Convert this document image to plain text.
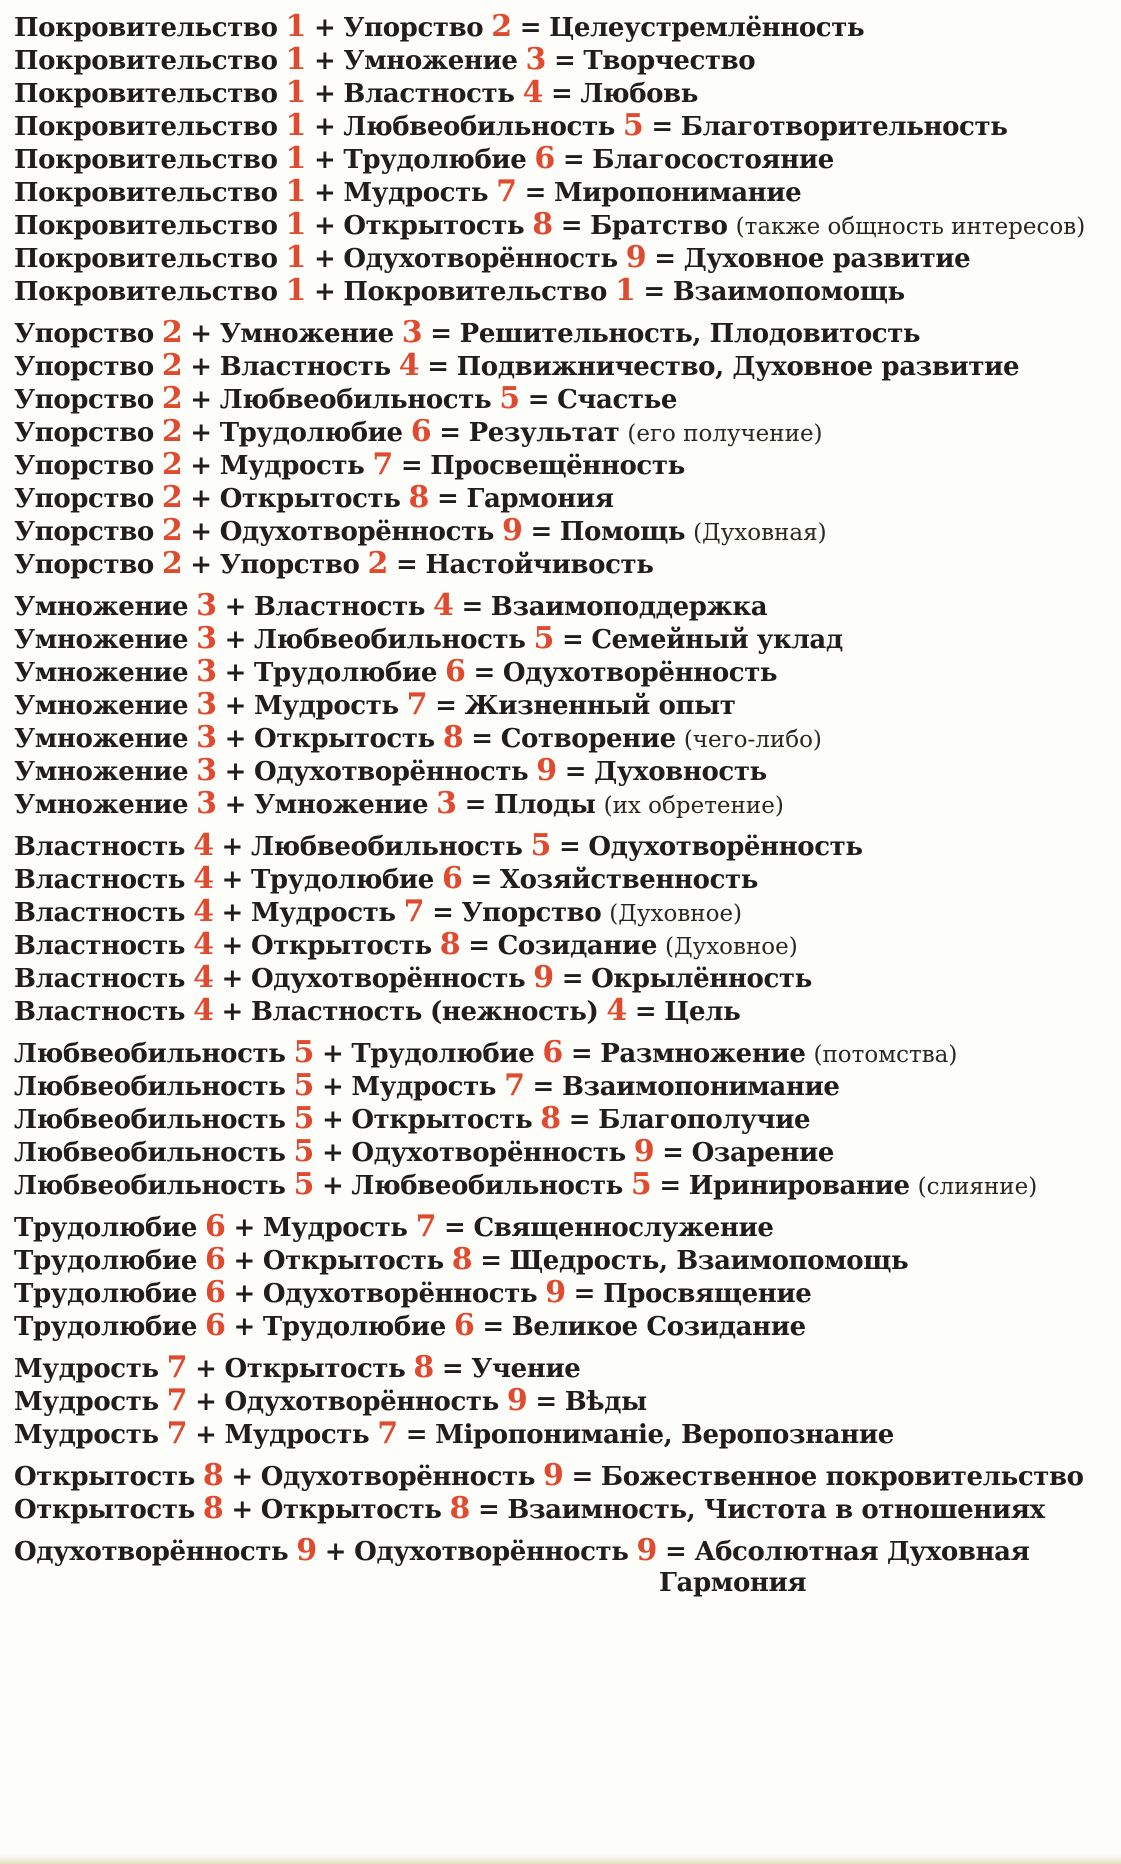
Покровительство 1 + Упорство 2 = Целеустремлённость
Покровительство 1 + Умножение 3 = Творчество
Покровительство 1 + Властность 4 = Любовь
Покровительство 1 + Любвеобильность 5 = Благотворительность
Покровительство 1 + Трудолюбие 6 = Благосостояние
Покровительство 1 + Мудрость 7 = Миропонимание
Покровительство 1 + Открытость 8 = Братство (также общность интересов)
Покровительство 1 + Одухотворённость 9 = Духовное развитие
Покровительство 1 + Покровительство 1 = Взаимопомощь
Упорство 2 + Умножение 3 = Решительность, Плодовитость
Упорство 2 + Властность 4 = Подвижничество, Духовное развитие
Упорство 2 + Любвеобильность 5 = Счастье
Упорство 2 + Трудолюбие 6 = Результат (его получение)
Упорство 2 + Мудрость 7 = Просвещённость
Упорство 2 + Открытость 8 = Гармония
Упорство 2 + Одухотворённость 9 = Помощь (Духовная)
Упорство 2 + Упорство 2 = Настойчивость
Умножение 3 + Властность 4 = Взаимоподдержка
Умножение 3 + Любвеобильность 5 = Семейный уклад
Умножение 3 + Трудолюбие 6 = Одухотворённость
Умножение 3 + Мудрость 7 = Жизненный опыт
Умножение 3 + Открытость 8 = Сотворение (чего-либо)
Умножение 3 + Одухотворённость 9 = Духовность
Умножение 3 + Умножение 3 = Плоды (их обретение)
Властность 4 + Любвеобильность 5 = Одухотворённость
Властность 4 + Трудолюбие 6 = Хозяйственность
Властность 4 + Мудрость 7 = Упорство (Духовное)
Властность 4 + Открытость 8 = Созидание (Духовное)
Властность 4 + Одухотворённость 9 = Окрылённость
Властность 4 + Властность (нежность) 4 = Цель
Любвеобильность 5 + Трудолюбие 6 = Размножение (потомства)
Любвеобильность 5 + Мудрость 7 = Взаимопонимание
Любвеобильность 5 + Открытость 8 = Благополучие
Любвеобильность 5 + Одухотворённость 9 = Озарение
Любвеобильность 5 + Любвеобильность 5 = Иринирование (слияние)
Трудолюбие 6 + Мудрость 7 = Священнослужение
Трудолюбие 6 + Открытость 8 = Щедрость, Взаимопомощь
Трудолюбие 6 + Одухотворённость 9 = Просвящение
Трудолюбие 6 + Трудолюбие 6 = Великое Созидание
Мудрость 7 + Открытость 8 = Учение
Мудрость 7 + Одухотворённость 9 = Вѣды
Мудрость 7 + Мудрость 7 = Міропониманіе, Веропознание
Открытость 8 + Одухотворённость 9 = Божественное покровительство
Открытость 8 + Открытость 8 = Взаимность, Чистота в отношениях
Одухотворённость 9 + Одухотворённость 9 = Абсолютная Духовная
Гармония
